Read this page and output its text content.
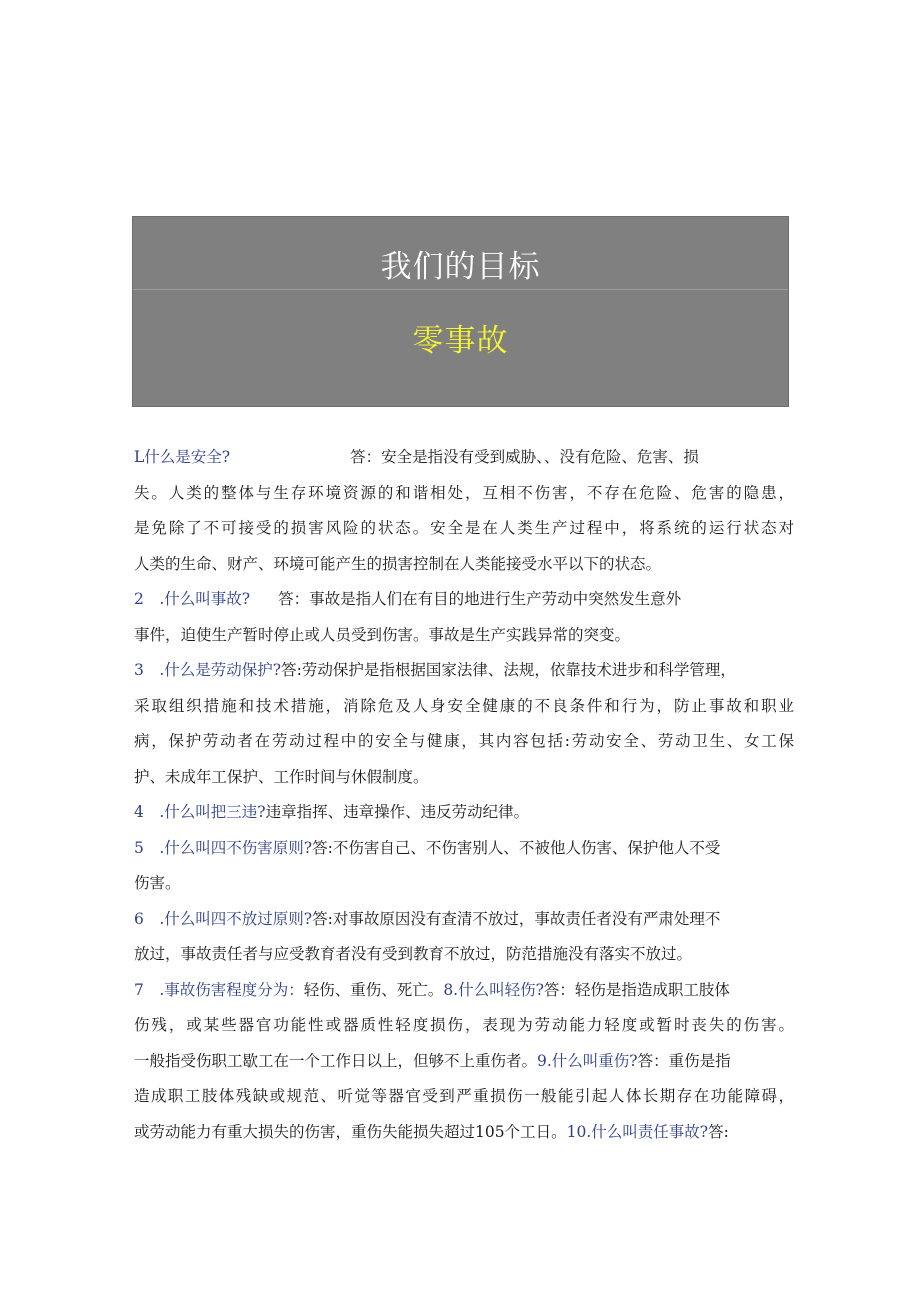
我们的目标
零事故
L什么是安全?	答：安全是指没有受到威胁、、没有危险、危害、损
失。人类的整体与生存环境资源的和谐相处，互相不伤害，不存在危险、危害的隐患，
是免除了不可接受的损害风险的状态。安全是在人类生产过程中，将系统的运行状态对
人类的生命、财产、环境可能产生的损害控制在人类能接受水平以下的状态。
2　.什么叫事故? 答：事故是指人们在有目的地进行生产劳动中突然发生意外
事件，迫使生产暂时停止或人员受到伤害。事故是生产实践异常的突变。
3　.什么是劳动保护?答:劳动保护是指根据国家法律、法规，依靠技术进步和科学管理，
采取组织措施和技术措施，消除危及人身安全健康的不良条件和行为，防止事故和职业
病，保护劳动者在劳动过程中的安全与健康，其内容包括:劳动安全、劳动卫生、女工保
护、未成年工保护、工作时间与休假制度。
4　.什么叫把三违?违章指挥、违章操作、违反劳动纪律。
5　.什么叫四不伤害原则?答:不伤害自己、不伤害别人、不被他人伤害、保护他人不受
伤害。
6　.什么叫四不放过原则?答:对事故原因没有查清不放过，事故责任者没有严肃处理不
放过，事故责任者与应受教育者没有受到教育不放过，防范措施没有落实不放过。
7　.事故伤害程度分为：轻伤、重伤、死亡。8.什么叫轻伤?答：轻伤是指造成职工肢体
伤残，或某些器官功能性或器质性轻度损伤，表现为劳动能力轻度或暂时丧失的伤害。
一般指受伤职工歇工在一个工作日以上，但够不上重伤者。9.什么叫重伤?答：重伤是指
造成职工肢体残缺或规范、听觉等器官受到严重损伤一般能引起人体长期存在功能障碍，
或劳动能力有重大损失的伤害，重伤失能损失超过105个工日。10.什么叫责任事故?答:
